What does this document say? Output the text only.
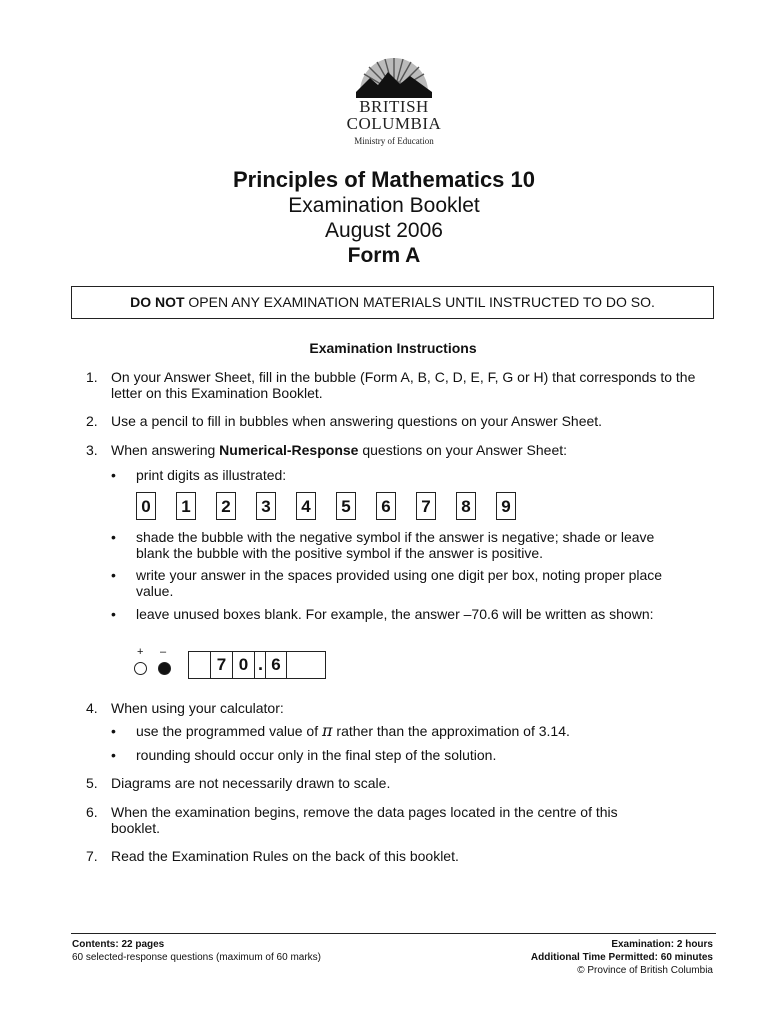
BRITISH
COLUMBIA
Ministry of Education
Principles of Mathematics 10
Examination Booklet
August 2006
Form A
DO NOT OPEN ANY EXAMINATION MATERIALS UNTIL INSTRUCTED TO DO SO.
Examination Instructions
1. On your Answer Sheet, fill in the bubble (Form A, B, C, D, E, F, G or H) that corresponds to the letter on this Examination Booklet.
2. Use a pencil to fill in bubbles when answering questions on your Answer Sheet.
3. When answering Numerical-Response questions on your Answer Sheet:
• print digits as illustrated:
0	1	2	3	4	5	6	7	8	9
• shade the bubble with the negative symbol if the answer is negative; shade or leave blank the bubble with the positive symbol if the answer is positive.
• write your answer in the spaces provided using one digit per box, noting proper place value.
• leave unused boxes blank. For example, the answer –70.6 will be written as shown:
+ –
7 0 . 6
4. When using your calculator:
• use the programmed value of π rather than the approximation of 3.14.
• rounding should occur only in the final step of the solution.
5. Diagrams are not necessarily drawn to scale.
6. When the examination begins, remove the data pages located in the centre of this booklet.
7. Read the Examination Rules on the back of this booklet.
Contents: 22 pages
60 selected-response questions (maximum of 60 marks)
Examination: 2 hours
Additional Time Permitted: 60 minutes
© Province of British Columbia
